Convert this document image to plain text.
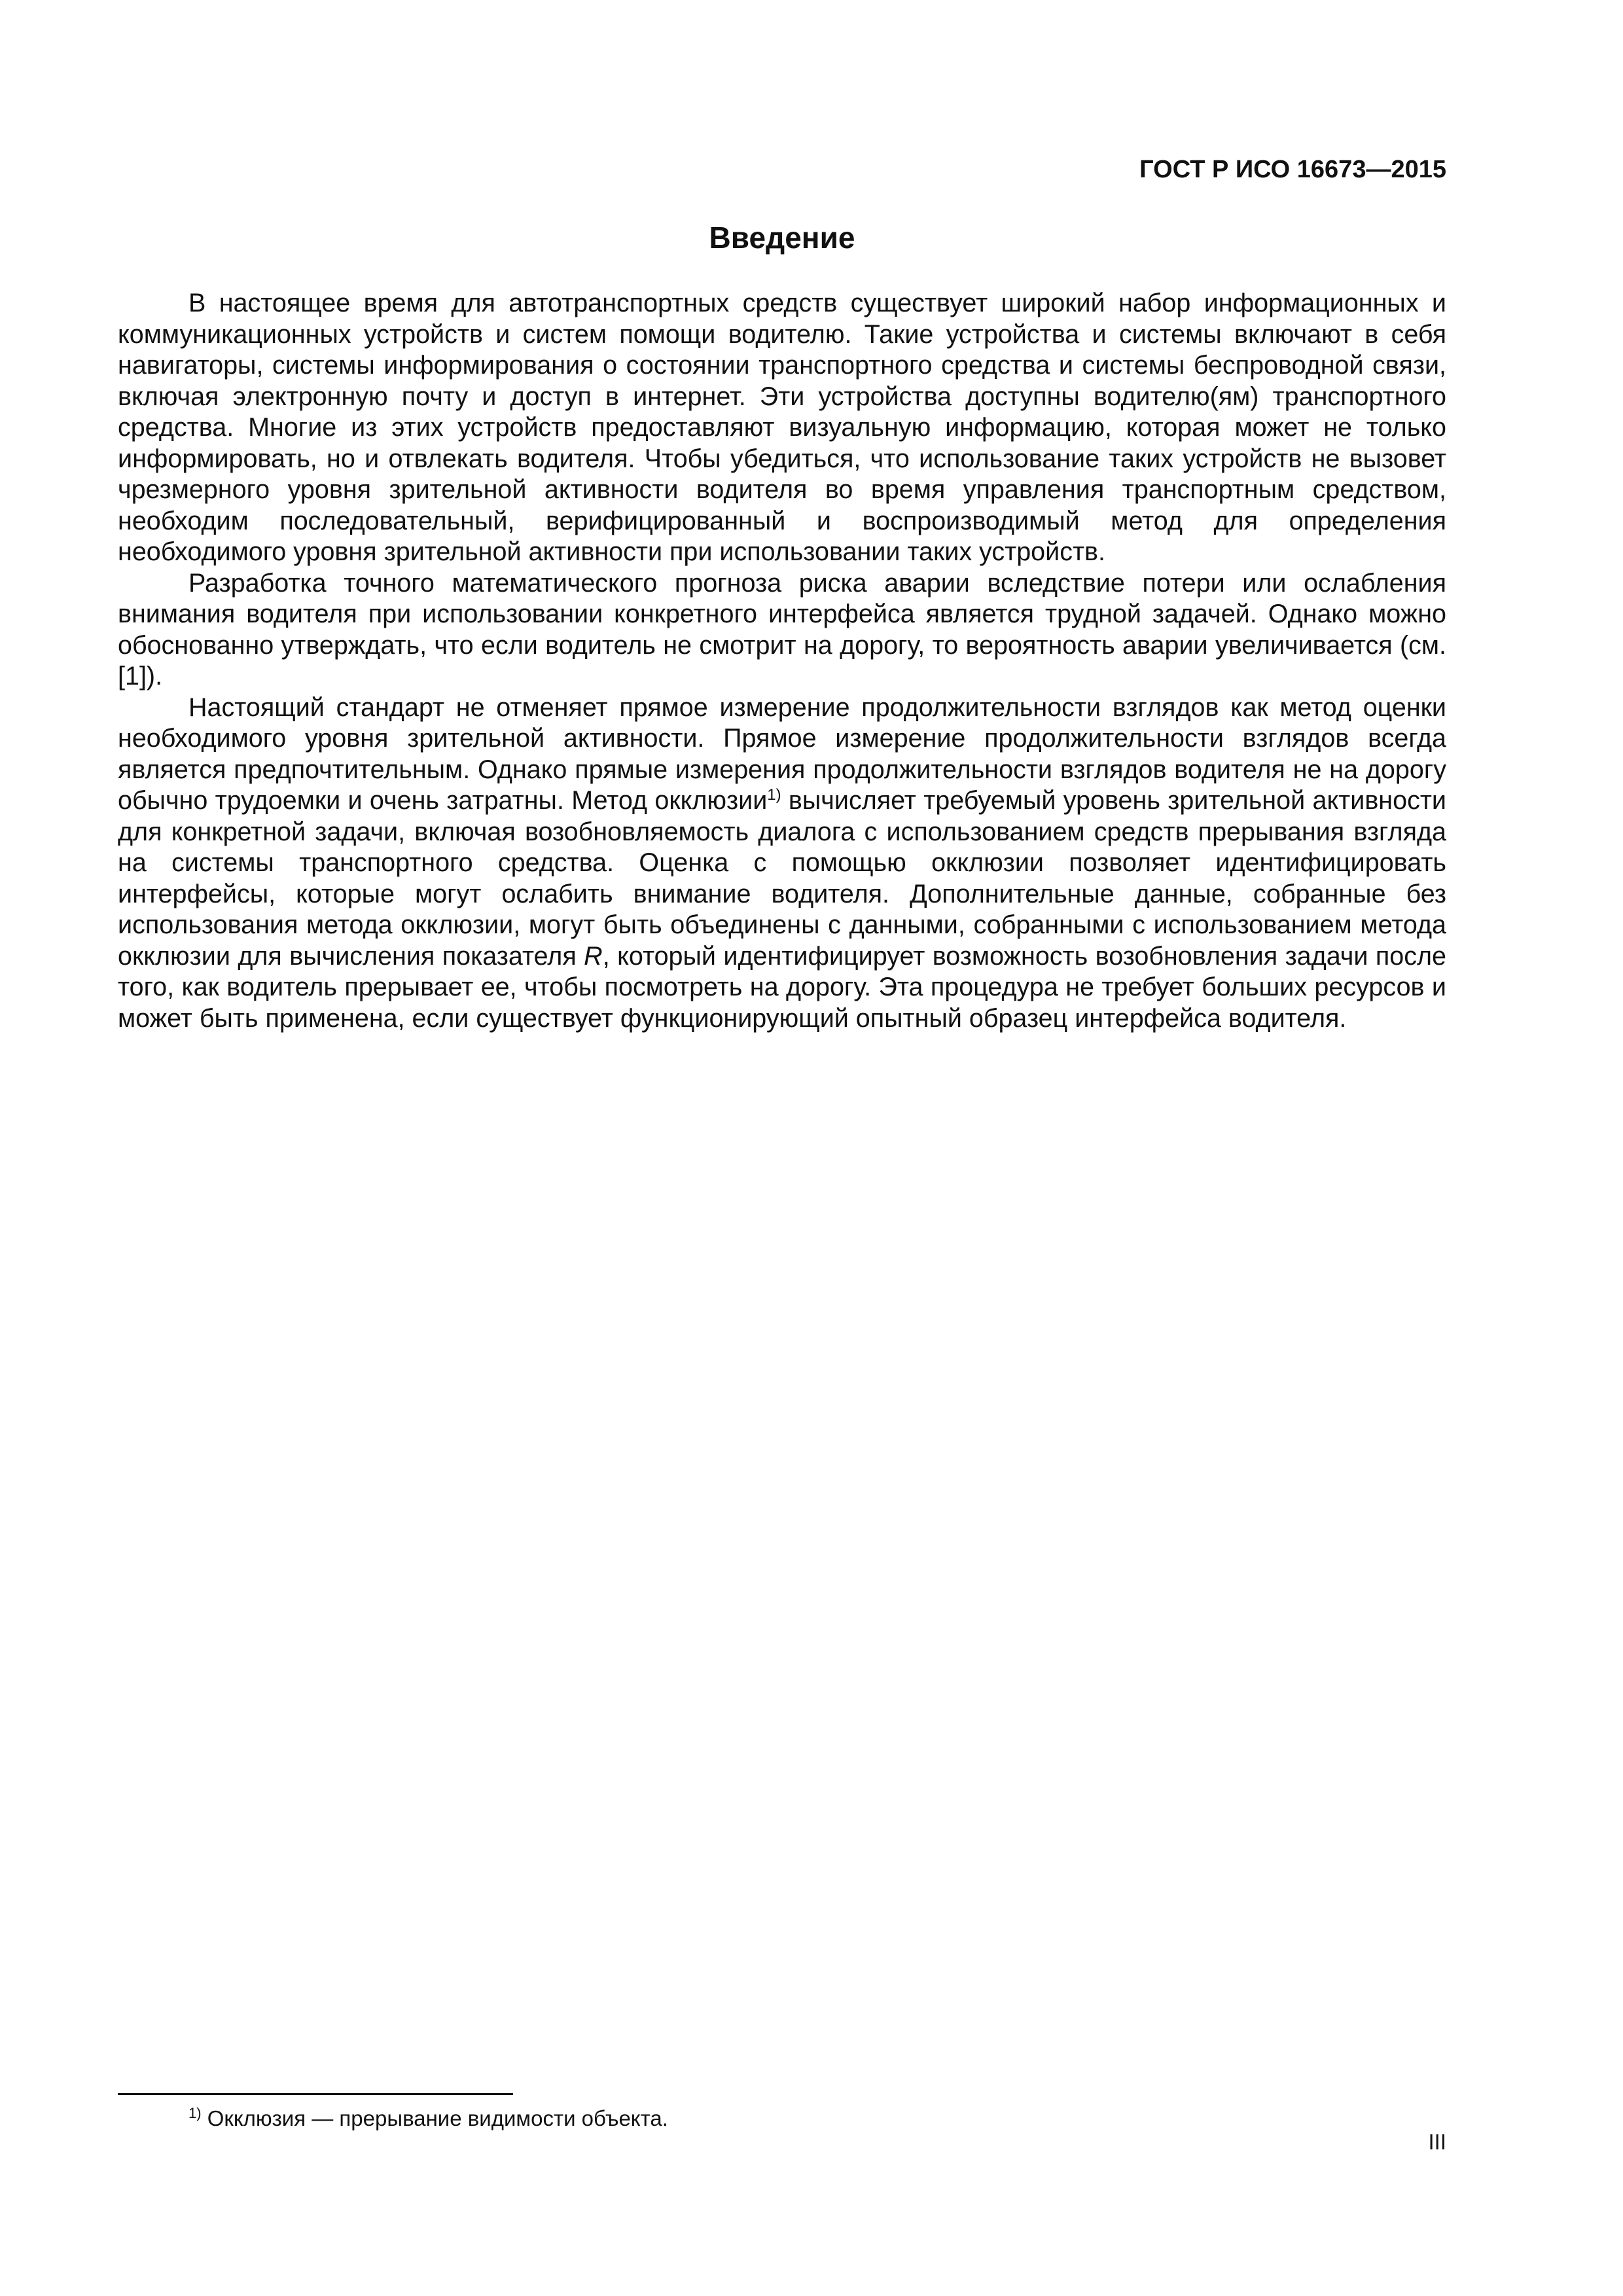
ГОСТ Р ИСО 16673—2015
Введение

В настоящее время для автотранспортных средств существует широкий набор информационных и коммуникационных устройств и систем помощи водителю. Такие устройства и системы включают в себя навигаторы, системы информирования о состоянии транспортного средства и системы беспроводной связи, включая электронную почту и доступ в интернет. Эти устройства доступны водителю(ям) транспортного средства. Многие из этих устройств предоставляют визуальную информацию, которая может не только информировать, но и отвлекать водителя. Чтобы убедиться, что использование таких устройств не вызовет чрезмерного уровня зрительной активности водителя во время управления транспортным средством, необходим последовательный, верифицированный и воспроизводимый метод для определения необходимого уровня зрительной активности при использовании таких устройств.

Разработка точного математического прогноза риска аварии вследствие потери или ослабления внимания водителя при использовании конкретного интерфейса является трудной задачей. Однако можно обоснованно утверждать, что если водитель не смотрит на дорогу, то вероятность аварии увеличивается (см. [1]).

Настоящий стандарт не отменяет прямое измерение продолжительности взглядов как метод оценки необходимого уровня зрительной активности. Прямое измерение продолжительности взглядов всегда является предпочтительным. Однако прямые измерения продолжительности взглядов водителя не на дорогу обычно трудоемки и очень затратны. Метод окклюзии$^{1)}$ вычисляет требуемый уровень зрительной активности для конкретной задачи, включая возобновляемость диалога с использованием средств прерывания взгляда на системы транспортного средства. Оценка с помощью окклюзии позволяет идентифицировать интерфейсы, которые могут ослабить внимание водителя. Дополнительные данные, собранные без использования метода окклюзии, могут быть объединены с данными, собранными с использованием метода окклюзии для вычисления показателя R, который идентифицирует возможность возобновления задачи после того, как водитель прерывает ее, чтобы посмотреть на дорогу. Эта процедура не требует больших ресурсов и может быть применена, если существует функционирующий опытный образец интерфейса водителя.

$^{1)}$ Окклюзия — прерывание видимости объекта.
III
